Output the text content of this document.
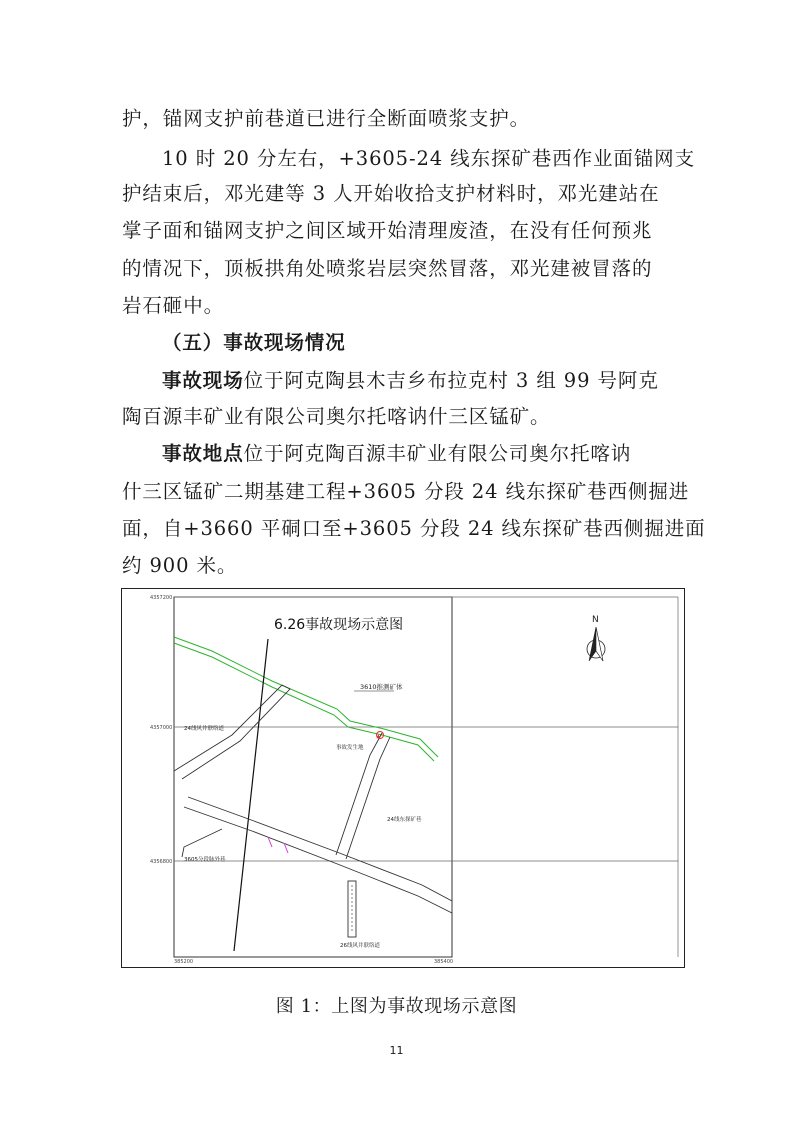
护，锚网支护前巷道已进行全断面喷浆支护。
10 时 20 分左右，+3605-24 线东探矿巷西作业面锚网支
护结束后，邓光建等 3 人开始收拾支护材料时，邓光建站在
掌子面和锚网支护之间区域开始清理废渣，在没有任何预兆
的情况下，顶板拱角处喷浆岩层突然冒落，邓光建被冒落的
岩石砸中。
（五）事故现场情况
事故现场位于阿克陶县木吉乡布拉克村 3 组 99 号阿克
陶百源丰矿业有限公司奥尔托喀讷什三区锰矿。
事故地点位于阿克陶百源丰矿业有限公司奥尔托喀讷
什三区锰矿二期基建工程+3605 分段 24 线东探矿巷西侧掘进
面，自+3660 平硐口至+3605 分段 24 线东探矿巷西侧掘进面
约 900 米。
4357200
4357000
4356800
385200	385400
3610推测矿体
▲
24线风井联络道
事故发生地
24线东探矿巷
3605分段脉外巷
26线风井联络道
6.26事故现场示意图	N
图 1：上图为事故现场示意图
11
